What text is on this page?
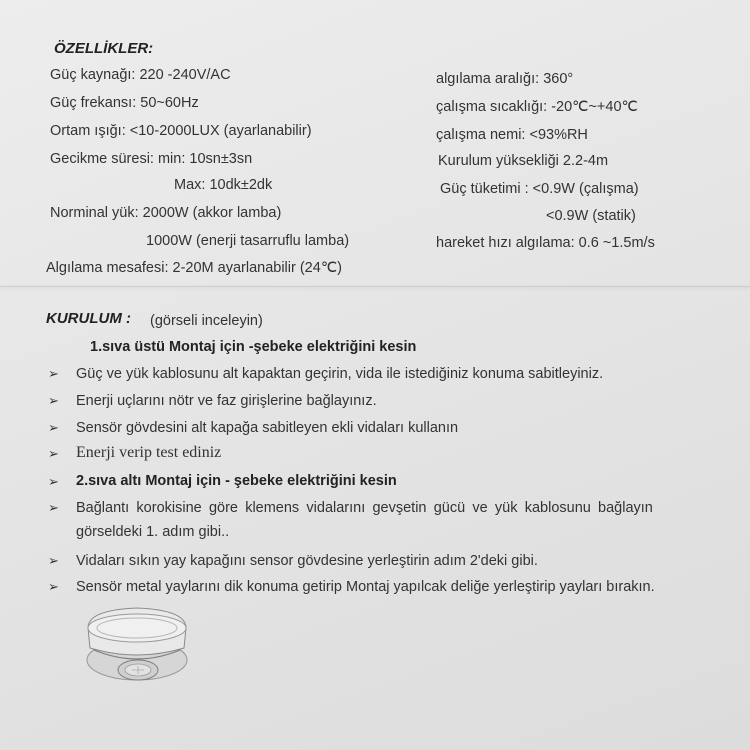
ÖZELLİKLER:
Güç kaynağı: 220 -240V/AC
Güç frekansı: 50~60Hz
Ortam ışığı: <10-2000LUX (ayarlanabilir)
Gecikme süresi: min: 10sn±3sn
Max: 10dk±2dk
Norminal yük: 2000W (akkor lamba)
1000W (enerji tasarruflu lamba)
Algılama mesafesi: 2-20M ayarlanabilir (24℃)
algılama aralığı: 360°
çalışma sıcaklığı: -20℃~+40℃
çalışma nemi: <93%RH
Kurulum yüksekliği 2.2-4m
Güç tüketimi : <0.9W (çalışma)
<0.9W (statik)
hareket hızı algılama: 0.6 ~1.5m/s
KURULUM : (görseli inceleyin)
1.sıva üstü Montaj için -şebeke elektriğini kesin
➢ Güç ve yük kablosunu alt kapaktan geçirin, vida ile istediğiniz konuma sabitleyiniz.
➢ Enerji uçlarını nötr ve faz girişlerine bağlayınız.
➢ Sensör gövdesini alt kapağa sabitleyen ekli vidaları kullanın
➢ Enerji verip test ediniz
➢ 2.sıva altı Montaj için - şebeke elektriğini kesin
➢ Bağlantı korokisine göre klemens vidalarını gevşetin gücü ve yük kablosunu bağlayın
görseldeki 1. adım gibi..
➢ Vidaları sıkın yay kapağını sensor gövdesine yerleştirin adım 2'deki gibi.
➢ Sensör metal yaylarını dik konuma getirip Montaj yapılcak deliğe yerleştirip yayları bırakın.
